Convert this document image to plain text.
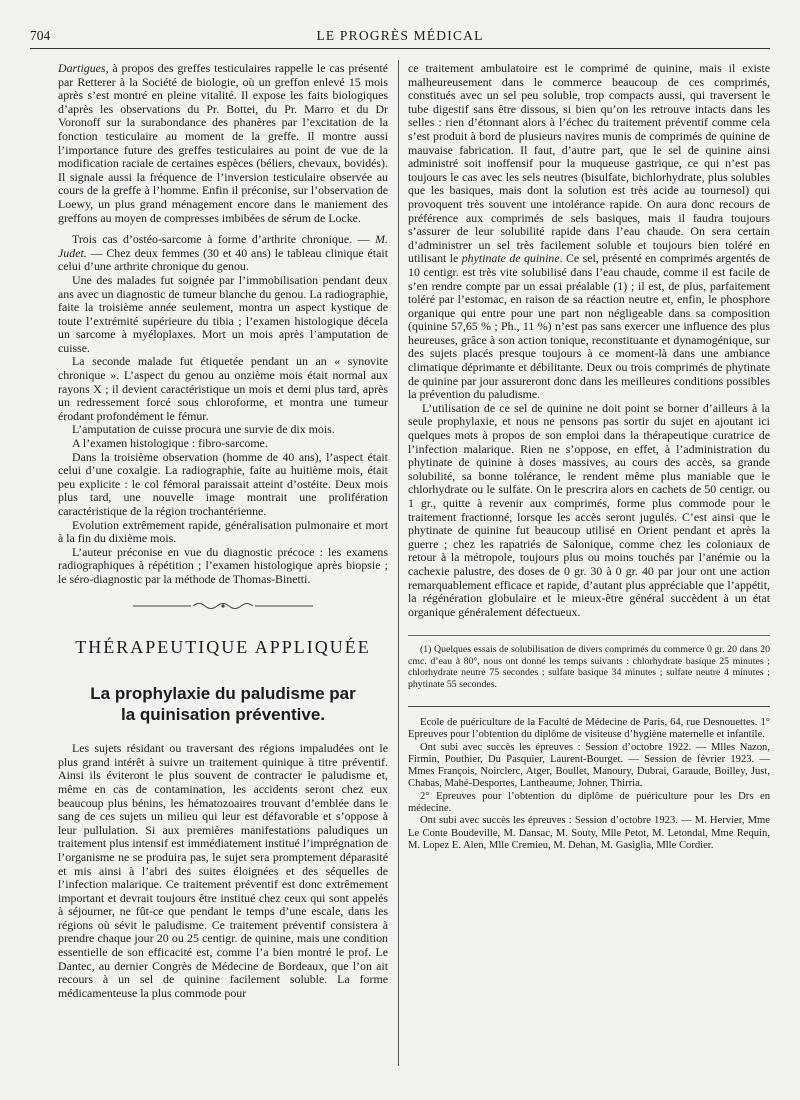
704	LE PROGRÈS MÉDICAL

Dartigues, à propos des greffes testiculaires rappelle le cas présenté par Retterer à la Société de biologie, où un greffon enlevé 15 mois après s’est montré en pleine vitalité. Il expose les faits biologiques d’après les observations du Pr. Bottei, du Pr. Marro et du Dr Voronoff sur la surabondance des phanères par l’excitation de la fonction testiculaire au moment de la greffe. Il montre aussi l’importance future des greffes testiculaires au point de vue de la modification raciale de certaines espèces (béliers, chevaux, bovidés). Il signale aussi la fréquence de l’inversion testiculaire observée au cours de la greffe à l’homme. Enfin il préconise, sur l’observation de Loewy, un plus grand ménagement encore dans le maniement des greffons au moyen de compresses imbibées de sérum de Locke.

Trois cas d’ostéo-sarcome à forme d’arthrite chronique. — M. Judet. — Chez deux femmes (30 et 40 ans) le tableau clinique était celui d’une arthrite chronique du genou.

Une des malades fut soignée par l’immobilisation pendant deux ans avec un diagnostic de tumeur blanche du genou. La radiographie, faite la troisième année seulement, montra un aspect kystique de toute l’extrémité supérieure du tibia ; l’examen histologique décela un sarcome à myéloplaxes. Mort un mois après l’amputation de cuisse.

La seconde malade fut étiquetée pendant un an « synovite chronique ». L’aspect du genou au onzième mois était normal aux rayons X ; il devient caractéristique un mois et demi plus tard, après un redressement forcé sous chloroforme, et montra une tumeur érodant profondément le fémur.

L’amputation de cuisse procura une survie de dix mois.

A l’examen histologique : fibro-sarcome.

Dans la troisième observation (homme de 40 ans), l’aspect était celui d’une coxalgie. La radiographie, faite au huitième mois, était peu explicite : le col fémoral paraissait atteint d’ostéite. Deux mois plus tard, une nouvelle image montrait une prolifération caractéristique de la région trochantérienne.

Evolution extrêmement rapide, généralisation pulmonaire et mort à la fin du dixième mois.

L’auteur préconise en vue du diagnostic précoce : les examens radiographiques à répétition ; l’examen histologique après biopsie ; le séro-diagnostic par la méthode de Thomas-Binetti.

THÉRAPEUTIQUE APPLIQUÉE
La prophylaxie du paludisme par
la quinisation préventive.

Les sujets résidant ou traversant des régions impaludées ont le plus grand intérêt à suivre un traitement quinique à titre préventif. Ainsi ils éviteront le plus souvent de contracter le paludisme et, même en cas de contamination, les accidents seront chez eux beaucoup plus bénins, les hématozoaires trouvant d’emblée dans le sang de ces sujets un milieu qui leur est défavorable et s’oppose à leur pullulation. Si aux premières manifestations paludiques un traitement plus intensif est immédiatement institué l’imprégnation de l’organisme ne se produira pas, le sujet sera promptement déparasité et mis ainsi à l’abri des suites éloignées et des séquelles de l’infection malarique. Ce traitement préventif est donc extrêmement important et devrait toujours être institué chez ceux qui sont appelés à séjourner, ne fût-ce que pendant le temps d’une escale, dans les régions où sévit le paludisme. Ce traitement préventif consistera à prendre chaque jour 20 ou 25 centigr. de quinine, mais une condition essentielle de son efficacité est, comme l’a bien montré le prof. Le Dantec, au dernier Congrès de Médecine de Bordeaux, que l’on ait recours à un sel de quinine facilement soluble. La forme médicamenteuse la plus commode pour

ce traitement ambulatoire est le comprimé de quinine, mais il existe malheureusement dans le commerce beaucoup de ces comprimés, constitués avec un sel peu soluble, trop compacts aussi, qui traversent le tube digestif sans être dissous, si bien qu’on les retrouve intacts dans les selles : rien d’étonnant alors à l’échec du traitement préventif comme cela s’est produit à bord de plusieurs navires munis de comprimés de quinine de mauvaise fabrication. Il faut, d’autre part, que le sel de quinine ainsi administré soit inoffensif pour la muqueuse gastrique, ce qui n’est pas toujours le cas avec les sels neutres (bisulfate, bichlorhydrate, plus solubles que les basiques, mais dont la solution est très acide au tournesol) qui provoquent très souvent une intolérance rapide. On aura donc recours de préférence aux comprimés de sels basiques, mais il faudra toujours s’assurer de leur solubilité rapide dans l’eau chaude. On sera certain d’administrer un sel très facilement soluble et toujours bien toléré en utilisant le phytinate de quinine. Ce sel, présenté en comprimés argentés de 10 centigr. est très vite solubilisé dans l’eau chaude, comme il est facile de s’en rendre compte par un essai préalable (1) ; il est, de plus, parfaitement toléré par l’estomac, en raison de sa réaction neutre et, enfin, le phosphore organique qui entre pour une part non négligeable dans sa composition (quinine 57,65 % ; Ph., 11 %) n’est pas sans exercer une influence des plus heureuses, grâce à son action tonique, reconstituante et dynamogénique, sur des sujets placés presque toujours à ce moment-là dans une ambiance climatique déprimante et débilitante. Deux ou trois comprimés de phytinate de quinine par jour assureront donc dans les meilleures conditions possibles la prévention du paludisme.

L’utilisation de ce sel de quinine ne doit point se borner d’ailleurs à la seule prophylaxie, et nous ne pensons pas sortir du sujet en ajoutant ici quelques mots à propos de son emploi dans la thérapeutique curatrice de l’infection malarique. Rien ne s’oppose, en effet, à l’administration du phytinate de quinine à doses massives, au cours des accès, sa grande solubilité, sa bonne tolérance, le rendent même plus maniable que le chlorhydrate ou le sulfate. On le prescrira alors en cachets de 50 centigr. ou 1 gr., quitte à revenir aux comprimés, forme plus commode pour le traitement fractionné, lorsque les accès seront jugulés. C’est ainsi que le phytinate de quinine fut beaucoup utilisé en Orient pendant et après la guerre ; chez les rapatriés de Salonique, comme chez les coloniaux de retour à la métropole, toujours plus ou moins touchés par l’anémie ou la cachexie palustre, des doses de 0 gr. 30 à 0 gr. 40 par jour ont une action remarquablement efficace et rapide, d’autant plus appréciable que l’appétit, la régénération globulaire et le mieux-être général succèdent à un état organique généralement défectueux.

(1) Quelques essais de solubilisation de divers comprimés du commerce 0 gr. 20 dans 20 cmc. d’eau à 80°, nous ont donné les temps suivants : chlorhydrate basique 25 minutes ; chlorhydrate neutre 75 secondes ; sulfate basique 34 minutes ; sulfate neutre 4 minutes ; phytinate 55 secondes.

Ecole de puériculture de la Faculté de Médecine de Paris, 64, rue Desnouettes. 1° Epreuves pour l’obtention du diplôme de visiteuse d’hygiène maternelle et infantile.

Ont subi avec succès les épreuves : Session d’octobre 1922. — Mlles Nazon, Firmin, Pouthier, Du Pasquier, Laurent-Bourget. — Session de février 1923. — Mmes François, Noirclerc, Atger, Boullet, Manoury, Dubrai, Garaude, Boilley, Just, Chabas, Mahé-Desportes, Lantheaume, Johner, Thirria.

2° Epreuves pour l’obtention du diplôme de puériculture pour les Drs en médecine.

Ont subi avec succès les épreuves : Session d’octobre 1923. — M. Hervier, Mme Le Conte Boudeville, M. Dansac, M. Souty, Mlle Petot, M. Letondal, Mme Requin, M. Lopez E. Alen, Mlle Cremieu, M. Dehan, M. Gasiglia, Mlle Cordier.
